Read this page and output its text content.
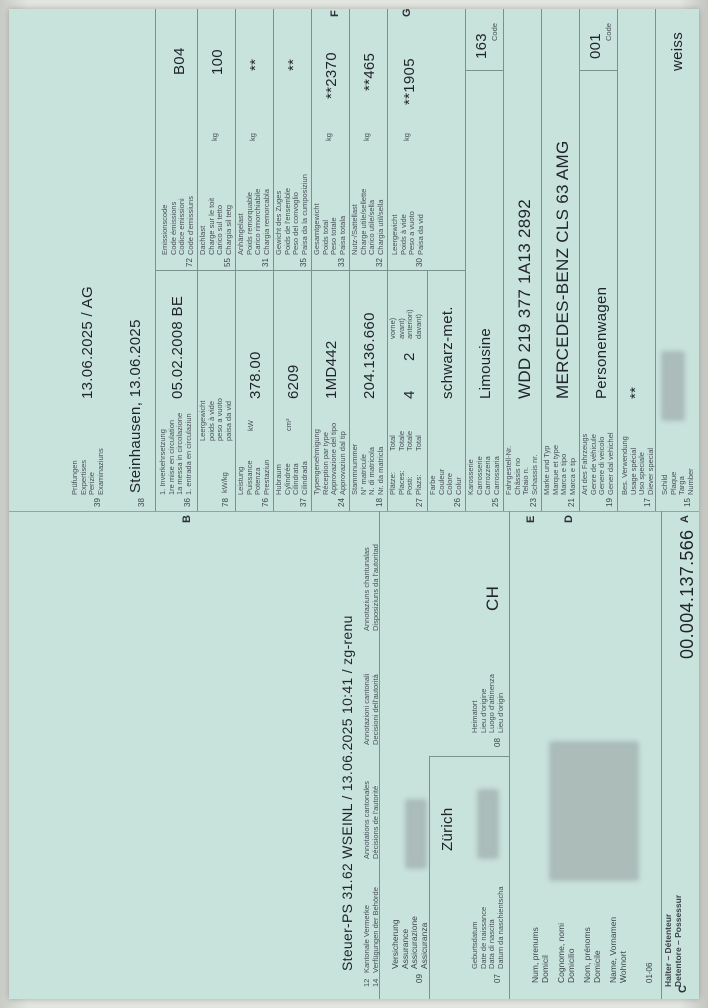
C
Halter – Détenteur
Detentore – Possessur
01-06
Name, Vornamen
Wohnort
Nom, prénoms
Domicile
Cognome, nomi
Domicilio
Num, prenums
Domicil
07
Geburtsdatum
Date de naissance
Data di nascita
Datum da naschientscha
08
Heimatort
Lieu d'origine
Luogo d'attinenza
Lieu d'origin
CH	00.004.137.566
09
Versicherung
Assurance
Assicurazione
Assicuranza
Zürich
12
14
Kantonale Vermerke
Verfügungen der Behörde
Annotations cantonales
Décisions de l'autorité
Annotazioni cantonali
Decisioni dell'autorità
Annotaziuns chantunalas
Disposiziuns da l'autoritad
Steuer-PS 31.62 WSEINL / 13.06.2025 10:41 / zg-renu
A
15
Schild
Plaque
Targa
Number
weiss
17
Bes. Verwendung
Usage spécial
Uso speciale
Diever special
**
19
Art des Fahrzeugs
Genre de véhicule
Genere di veicolo
Gener dal vehichel
Personenwagen
Code
001
D
21
Marke und Typ
Marque et type
Marca e tipo
Marca e tip
MERCEDES-BENZ CLS 63 AMG
E
23
Fahrgestell-Nr.
Châssis no
Telaio n.
Schassis nr.
WDD 219 377 1A13 2892
25
Karosserie
Carrosserie
Carrozzeria
Carrossaria
Limousine
Code
163
26
Farbe
Couleur
Colore
Colur
schwarz-met.
27
Plätze:
Places:
Posti:
Plazs:
Total
Totale
Totale
Total
4
2
vorne)
avant)
anteriori)
davant)
18
Stammnummer
N° matricule
N. di matricola
Nr. da matricla
204.136.660
24
Typengenehmigung
Réception par type
Approvazione del tipo
Approvaziun dal tip
1MD442
37
Hubraum
Cylindrée
Cilindrata
Cilindrada
cm³
6209
76
Leistung
Puissance
Potenza
Prestaziun
kW
378.00
78
kW/kg
Leergewicht
poids à vide
peso a vuoto
paisa da vid
B
36
1. Inverkehrsetzung
1re mise en circulation
1a messa in circolazione
1. entrada en circulaziun
05.02.2008 BE
38
Steinhausen, 13.06.2025
39
Prüfungen
Expertises
Perizie
Examinaziuns
13.06.2025 / AG
G
30
Leergewicht
Poids à vide
Peso a vuoto
Paisa da vid
kg
**1905
32
Nutz-/Sattellast
Charge utile/sellette
Carico utile/sella
Chargia util/sella
kg
**465
F
33
Gesamtgewicht
Poids total
Peso totale
Paisa totala
kg
**2370
35
Gewicht des Zuges
Poids de l'ensemble
Peso del convoglio
Paisa da la cumposiziun
**
31
Anhängelast
Poids remorquable
Carico rimorchiabile
Chargia remorcabla
kg
**
55
Dachlast
Charge sur le toit
Carico sul tetto
Chargia sil tetg
kg
100
72
Emissionscode
Code émissions
Codice emissioni
Code d'emissiuns
B04
